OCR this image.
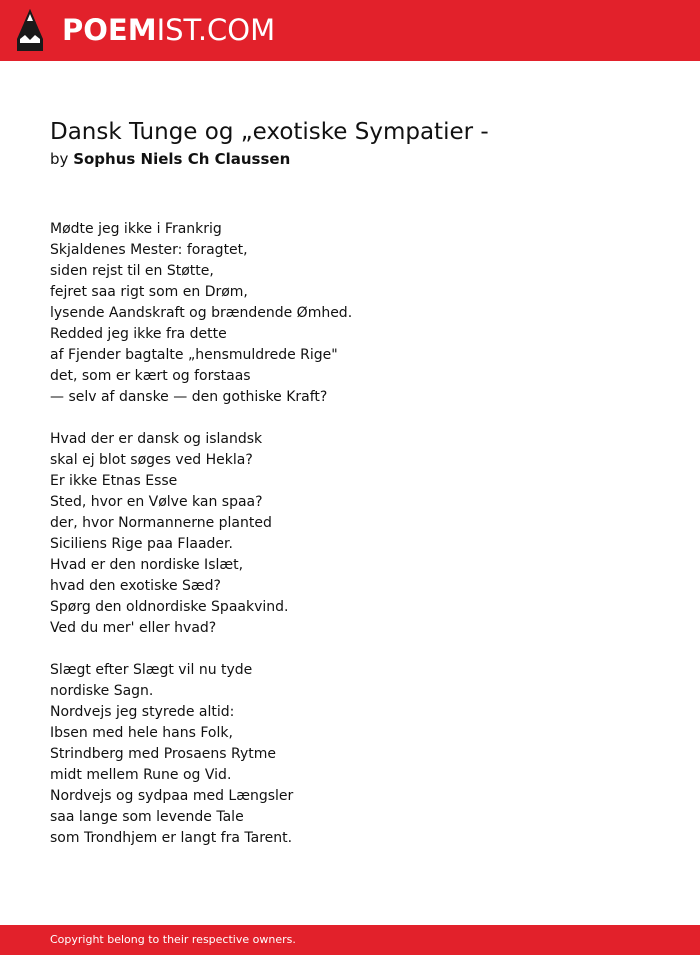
POEMIST.COM
Dansk Tunge og „exotiske Sympatier -
by Sophus Niels Ch Claussen
Mødte jeg ikke i Frankrig
Skjaldenes Mester: foragtet,
siden rejst til en Støtte,
fejret saa rigt som en Drøm,
lysende Aandskraft og brændende Ømhed.
Redded jeg ikke fra dette
af Fjender bagtalte „hensmuldrede Rige"
det, som er kært og forstaas
— selv af danske — den gothiske Kraft?
Hvad der er dansk og islandsk
skal ej blot søges ved Hekla?
Er ikke Etnas Esse
Sted, hvor en Vølve kan spaa?
der, hvor Normannerne planted
Siciliens Rige paa Flaader.
Hvad er den nordiske Islæt,
hvad den exotiske Sæd?
Spørg den oldnordiske Spaakvind.
Ved du mer' eller hvad?
Slægt efter Slægt vil nu tyde
nordiske Sagn.
Nordvejs jeg styrede altid:
Ibsen med hele hans Folk,
Strindberg med Prosaens Rytme
midt mellem Rune og Vid.
Nordvejs og sydpaa med Længsler
saa lange som levende Tale
som Trondhjem er langt fra Tarent.
Copyright belong to their respective owners.
